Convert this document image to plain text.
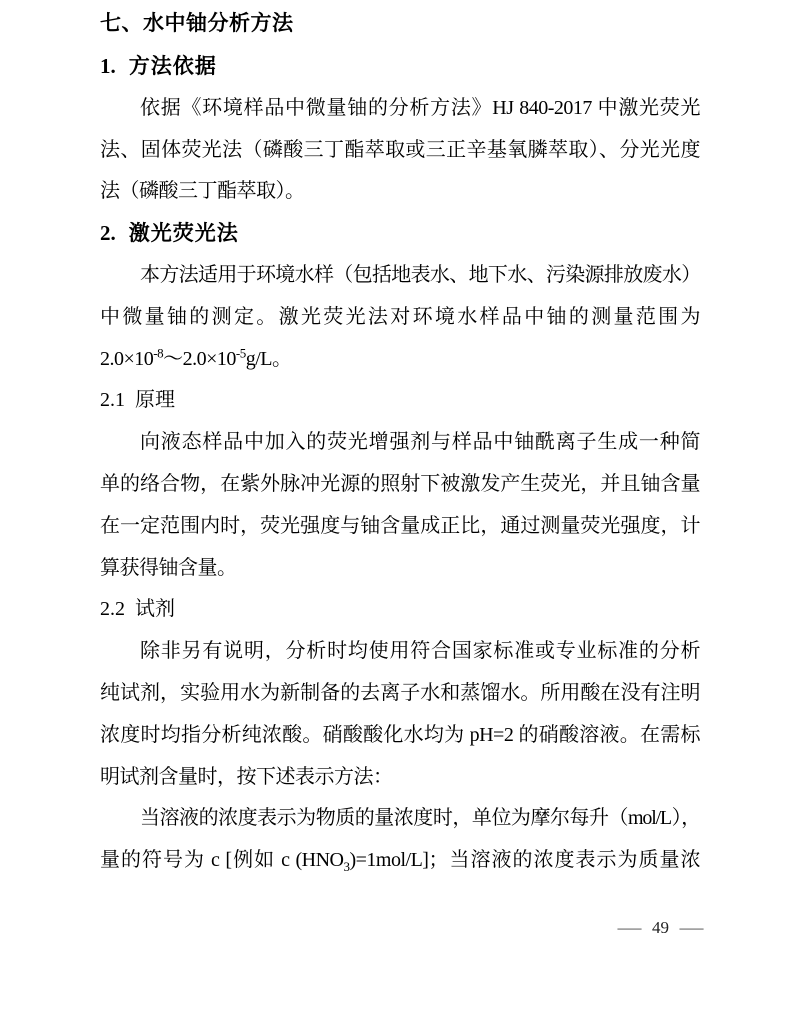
七、水中铀分析方法
1. 方法依据
依据《环境样品中微量铀的分析方法》HJ 840-2017 中激光荧光
法、固体荧光法（磷酸三丁酯萃取或三正辛基氧膦萃取）、分光光度
法（磷酸三丁酯萃取）。
2. 激光荧光法
本方法适用于环境水样（包括地表水、地下水、污染源排放废水）
中微量铀的测定。激光荧光法对环境水样品中铀的测量范围为
$2.0\times 10^{-8}\sim 2.0\times 10^{-5}g/L$。
2.1 原理
向液态样品中加入的荧光增强剂与样品中铀酰离子生成一种简
单的络合物，在紫外脉冲光源的照射下被激发产生荧光，并且铀含量
在一定范围内时，荧光强度与铀含量成正比，通过测量荧光强度，计
算获得铀含量。
2.2 试剂
除非另有说明，分析时均使用符合国家标准或专业标准的分析
纯试剂，实验用水为新制备的去离子水和蒸馏水。所用酸在没有注明
浓度时均指分析纯浓酸。硝酸酸化水均为 pH=2 的硝酸溶液。在需标
明试剂含量时，按下述表示方法：
当溶液的浓度表示为物质的量浓度时，单位为摩尔每升（mol/L），
量的符号为 c [例如 c $(HNO_3)=1mol/L$]；当溶液的浓度表示为质量浓
— 49 —
